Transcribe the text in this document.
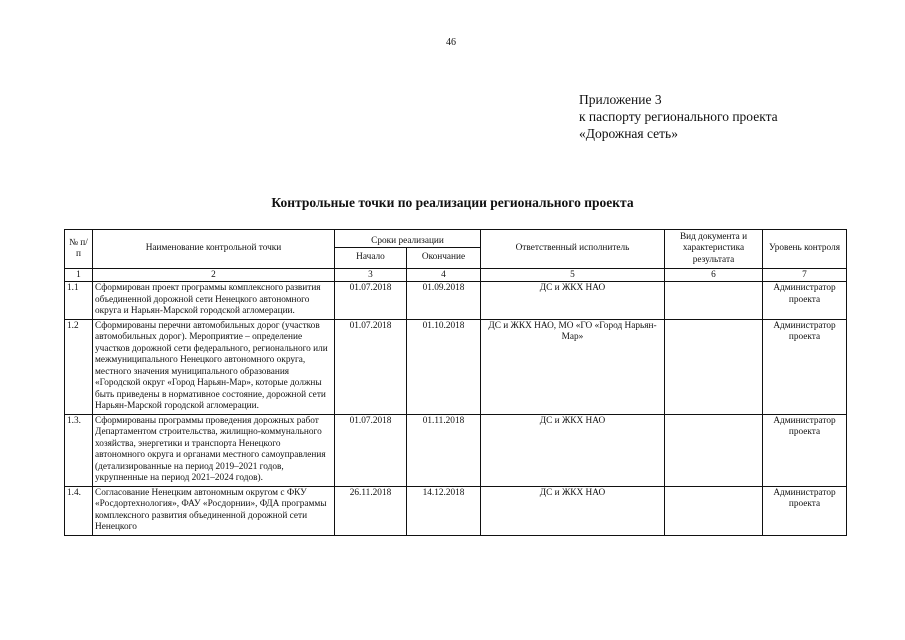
46
Приложение 3
к паспорту регионального проекта
«Дорожная сеть»
Контрольные точки по реализации регионального проекта
№ п/п	Наименование контрольной точки	Сроки реализации		Ответственный исполнитель	Вид документа и характеристика результата	Уровень контроля
		Начало	Окончание			
1	2	3	4	5	6	7
1.1	Сформирован проект программы комплексного развития объединенной дорожной сети Ненецкого автономного округа и Нарьян-Марской городской агломерации.	01.07.2018	01.09.2018	ДС и ЖКХ НАО		Администратор проекта
1.2	Сформированы перечни автомобильных дорог (участков автомобильных дорог). Мероприятие – определение участков дорожной сети федерального, регионального или межмуниципального Ненецкого автономного округа, местного значения муниципального образования «Городской округ «Город Нарьян-Мар», которые должны быть приведены в нормативное состояние, дорожной сети Нарьян-Марской городской агломерации.	01.07.2018	01.10.2018	ДС и ЖКХ НАО, МО «ГО «Город Нарьян-Мар»		Администратор проекта
1.3.	Сформированы программы проведения дорожных работ Департаментом строительства, жилищно-коммунального хозяйства, энергетики и транспорта Ненецкого автономного округа и органами местного самоуправления (детализированные на период 2019–2021 годов, укрупненные на период 2021–2024 годов).	01.07.2018	01.11.2018	ДС и ЖКХ НАО		Администратор проекта
1.4.	Согласование Ненецким автономным округом с ФКУ «Росдортехнология», ФАУ «Росдорнии», ФДА программы комплексного развития объединенной дорожной сети Ненецкого	26.11.2018	14.12.2018	ДС и ЖКХ НАО		Администратор проекта
